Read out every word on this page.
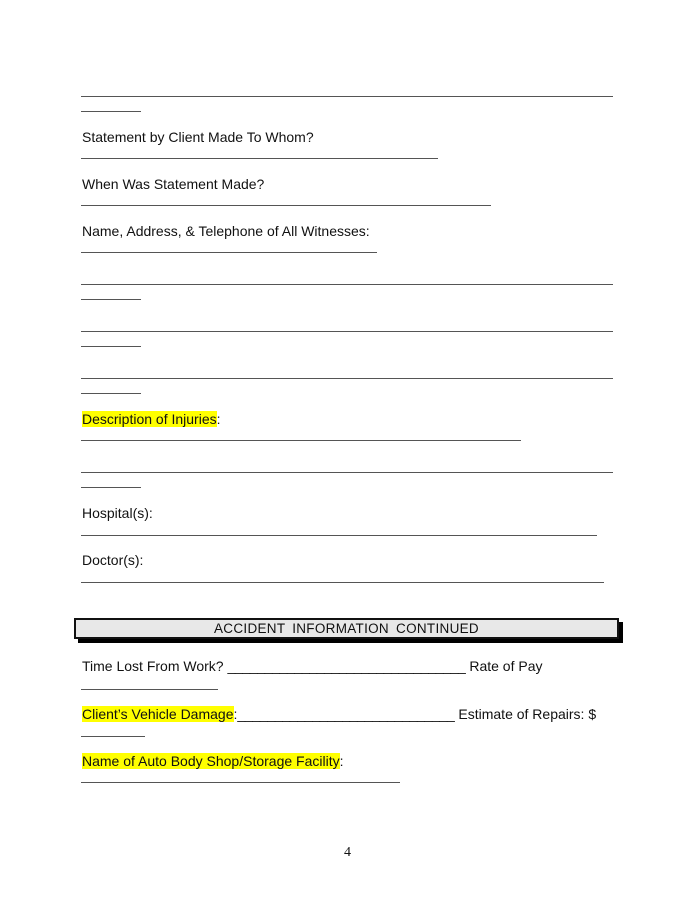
Statement by Client Made To Whom?
When Was Statement Made?
Name, Address, & Telephone of All Witnesses:
Description of Injuries:
Hospital(s):
Doctor(s):
ACCIDENT INFORMATION CONTINUED
Time Lost From Work? ________________________________ Rate of Pay
Client’s Vehicle Damage:_____________________________ Estimate of Repairs: $
Name of Auto Body Shop/Storage Facility:
4
